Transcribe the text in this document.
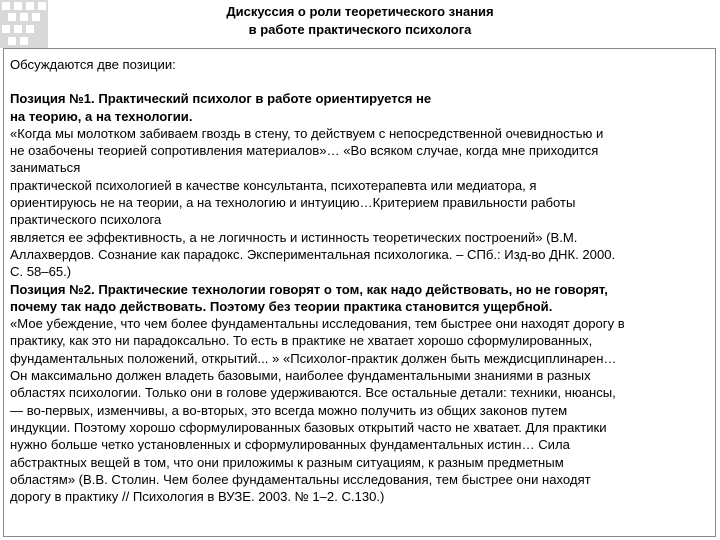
Дискуссия о роли теоретического знания
в работе практического психолога

Обсуждаются две позиции:

Позиция №1. Практический психолог в работе ориентируется не
на теорию, а на технологии.
«Когда мы молотком забиваем гвоздь в стену, то действуем с непосредственной очевидностью и
не озабочены теорией сопротивления материалов»… «Во всяком случае, когда мне приходится
заниматься
практической психологией в качестве консультанта, психотерапевта или медиатора, я
ориентируюсь не на теории, а на технологию и интуицию…Критерием правильности работы
практического психолога
является ее эффективность, а не логичность и истинность теоретических построений» (В.М.
Аллахвердов. Сознание как парадокс. Экспериментальная психологика. – СПб.: Изд-во ДНК. 2000.
С. 58–65.)
Позиция №2. Практические технологии говорят о том, как надо действовать, но не говорят,
почему так надо действовать. Поэтому без теории практика становится ущербной.
«Мое убеждение, что чем более фундаментальны исследования, тем быстрее они находят дорогу в
практику, как это ни парадоксально. То есть в практике не хватает хорошо сформулированных,
фундаментальных положений, открытий... » «Психолог-практик должен быть междисциплинарен…
Он максимально должен владеть базовыми, наиболее фундаментальными знаниями в разных
областях психологии. Только они в голове удерживаются. Все остальные детали: техники, нюансы,
— во-первых, изменчивы, а во-вторых, это всегда можно получить из общих законов путем
индукции. Поэтому хорошо сформулированных базовых открытий часто не хватает. Для практики
нужно больше четко установленных и сформулированных фундаментальных истин… Сила
абстрактных вещей в том, что они приложимы к разным ситуациям, к разным предметным
областям» (В.В. Столин. Чем более фундаментальны исследования, тем быстрее они находят
дорогу в практику // Психология в ВУЗЕ. 2003. № 1–2. С.130.)
